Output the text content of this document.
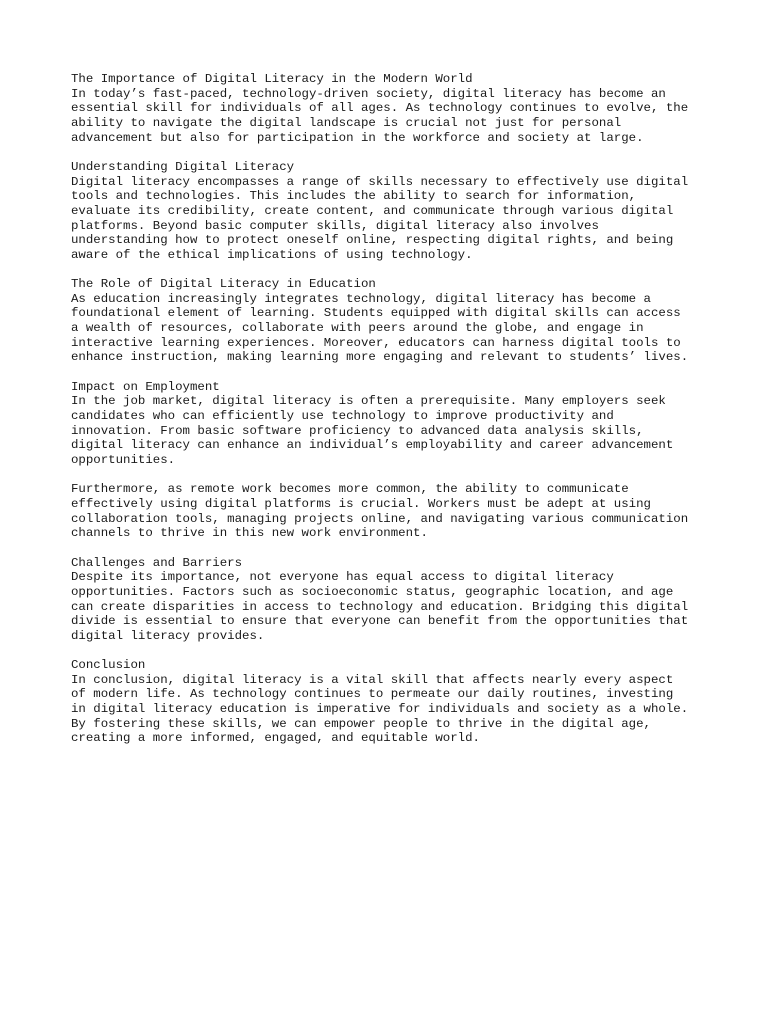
The Importance of Digital Literacy in the Modern World
In today’s fast-paced, technology-driven society, digital literacy has become an
essential skill for individuals of all ages. As technology continues to evolve, the
ability to navigate the digital landscape is crucial not just for personal
advancement but also for participation in the workforce and society at large.
Understanding Digital Literacy
Digital literacy encompasses a range of skills necessary to effectively use digital
tools and technologies. This includes the ability to search for information,
evaluate its credibility, create content, and communicate through various digital
platforms. Beyond basic computer skills, digital literacy also involves
understanding how to protect oneself online, respecting digital rights, and being
aware of the ethical implications of using technology.
The Role of Digital Literacy in Education
As education increasingly integrates technology, digital literacy has become a
foundational element of learning. Students equipped with digital skills can access
a wealth of resources, collaborate with peers around the globe, and engage in
interactive learning experiences. Moreover, educators can harness digital tools to
enhance instruction, making learning more engaging and relevant to students’ lives.
Impact on Employment
In the job market, digital literacy is often a prerequisite. Many employers seek
candidates who can efficiently use technology to improve productivity and
innovation. From basic software proficiency to advanced data analysis skills,
digital literacy can enhance an individual’s employability and career advancement
opportunities.
Furthermore, as remote work becomes more common, the ability to communicate
effectively using digital platforms is crucial. Workers must be adept at using
collaboration tools, managing projects online, and navigating various communication
channels to thrive in this new work environment.
Challenges and Barriers
Despite its importance, not everyone has equal access to digital literacy
opportunities. Factors such as socioeconomic status, geographic location, and age
can create disparities in access to technology and education. Bridging this digital
divide is essential to ensure that everyone can benefit from the opportunities that
digital literacy provides.
Conclusion
In conclusion, digital literacy is a vital skill that affects nearly every aspect
of modern life. As technology continues to permeate our daily routines, investing
in digital literacy education is imperative for individuals and society as a whole.
By fostering these skills, we can empower people to thrive in the digital age,
creating a more informed, engaged, and equitable world.
